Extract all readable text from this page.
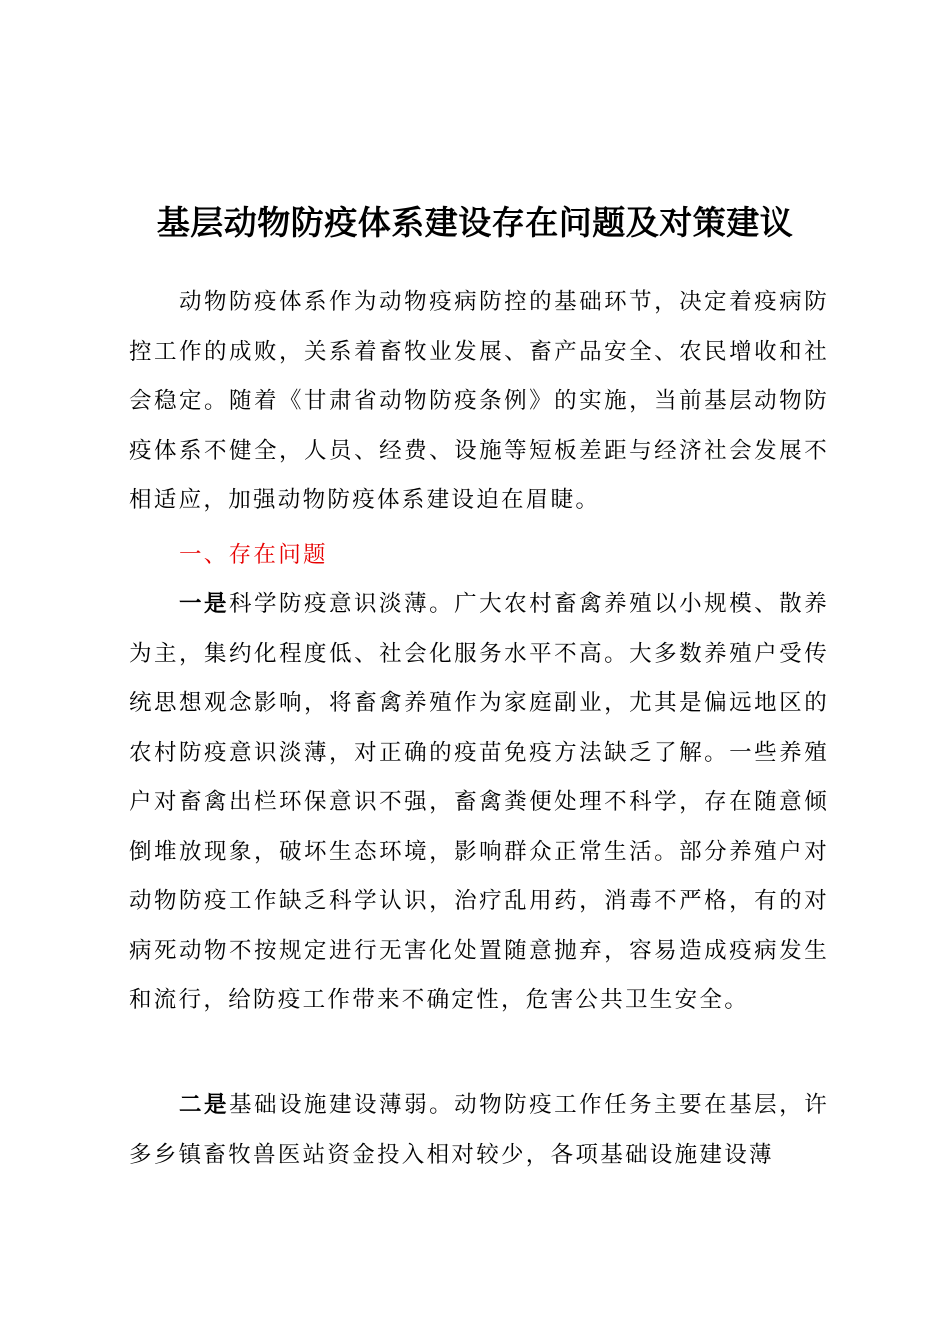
基层动物防疫体系建设存在问题及对策建议

动物防疫体系作为动物疫病防控的基础环节，决定着疫病防控工作的成败，关系着畜牧业发展、畜产品安全、农民增收和社会稳定。随着《甘肃省动物防疫条例》的实施，当前基层动物防疫体系不健全，人员、经费、设施等短板差距与经济社会发展不相适应，加强动物防疫体系建设迫在眉睫。

一、存在问题

一是科学防疫意识淡薄。广大农村畜禽养殖以小规模、散养为主，集约化程度低、社会化服务水平不高。大多数养殖户受传统思想观念影响，将畜禽养殖作为家庭副业，尤其是偏远地区的农村防疫意识淡薄，对正确的疫苗免疫方法缺乏了解。一些养殖户对畜禽出栏环保意识不强，畜禽粪便处理不科学，存在随意倾倒堆放现象，破坏生态环境，影响群众正常生活。部分养殖户对动物防疫工作缺乏科学认识，治疗乱用药，消毒不严格，有的对病死动物不按规定进行无害化处置随意抛弃，容易造成疫病发生和流行，给防疫工作带来不确定性，危害公共卫生安全。

二是基础设施建设薄弱。动物防疫工作任务主要在基层，许多乡镇畜牧兽医站资金投入相对较少，各项基础设施建设薄
